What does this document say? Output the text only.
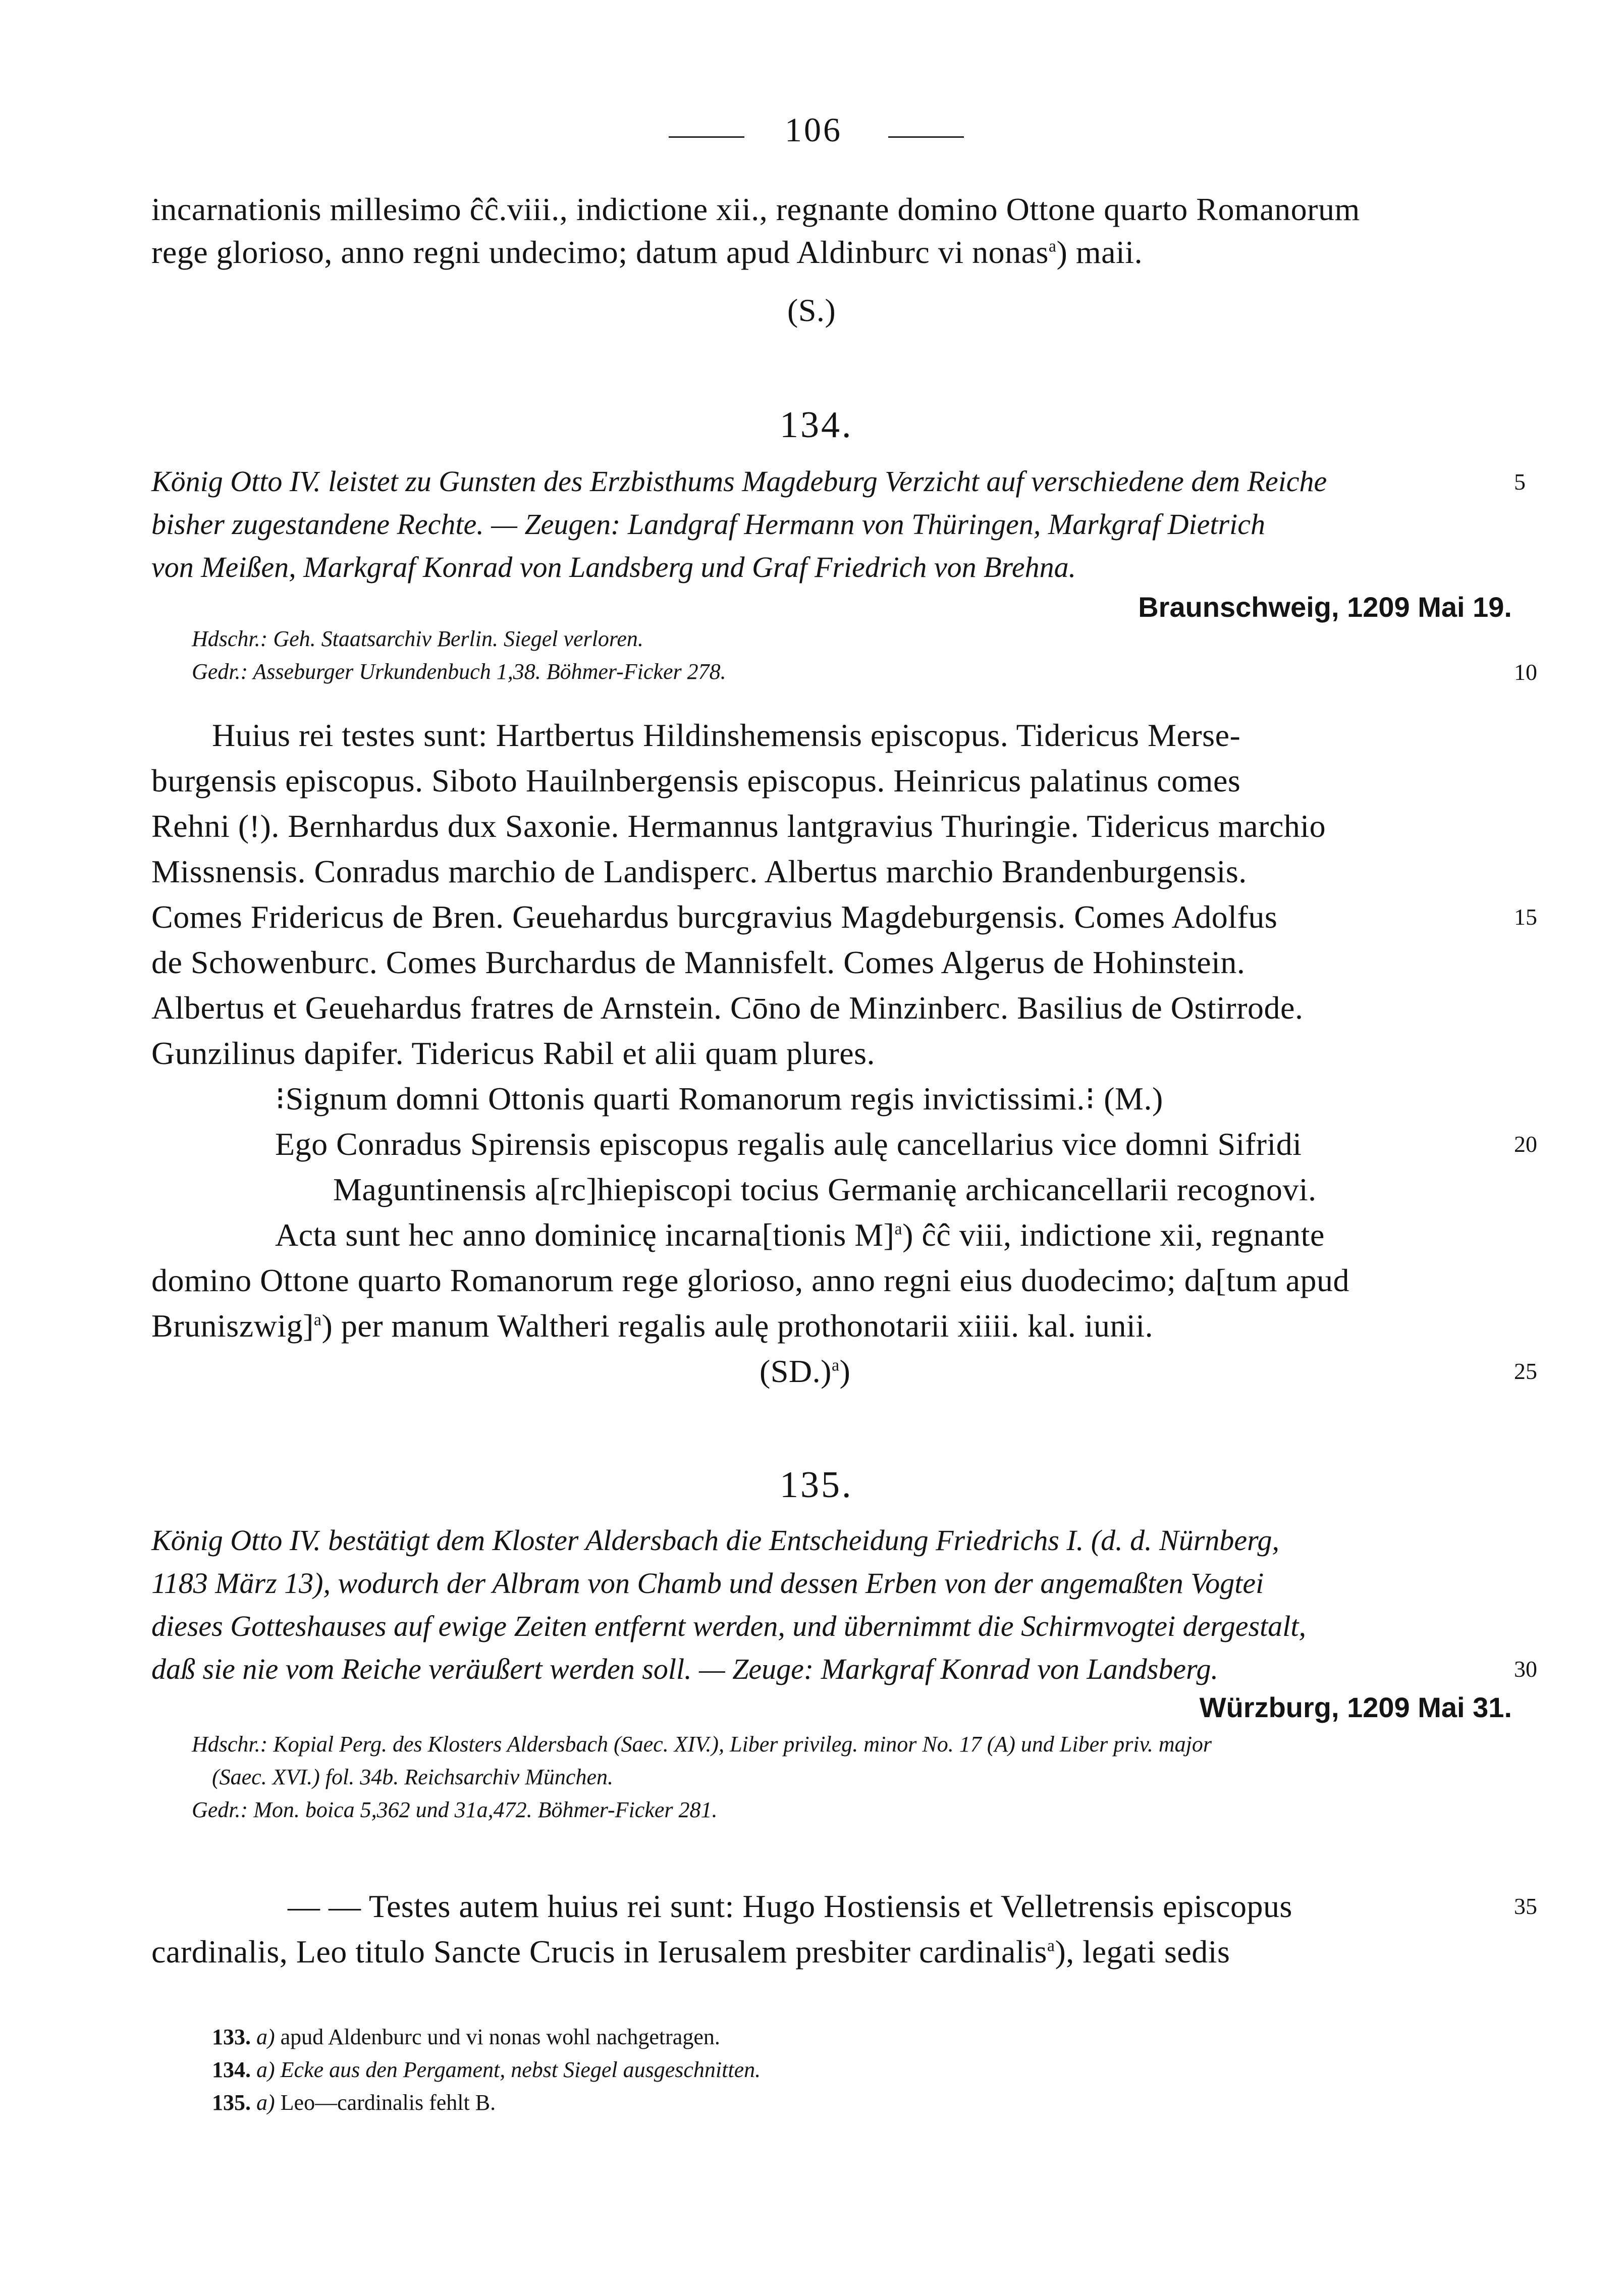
106
incarnationis millesimo ĉĉ.viii., indictione xii., regnante domino Ottone quarto Romanorum
rege glorioso, anno regni undecimo; datum apud Aldinburc vi nonas$^a$) maii.
(S.)
134.
König Otto IV. leistet zu Gunsten des Erzbisthums Magdeburg Verzicht auf verschiedene dem Reiche
bisher zugestandene Rechte. — Zeugen: Landgraf Hermann von Thüringen, Markgraf Dietrich
von Meißen, Markgraf Konrad von Landsberg und Graf Friedrich von Brehna.
Braunschweig, 1209 Mai 19.
Hdschr.: Geh. Staatsarchiv Berlin. Siegel verloren.
Gedr.: Asseburger Urkundenbuch 1,38. Böhmer-Ficker 278.
Huius rei testes sunt: Hartbertus Hildinshemensis episcopus. Tidericus Merse-
burgensis episcopus. Siboto Hauilnbergensis episcopus. Heinricus palatinus comes
Rehni (!). Bernhardus dux Saxonie. Hermannus lantgravius Thuringie. Tidericus marchio
Missnensis. Conradus marchio de Landisperc. Albertus marchio Brandenburgensis.
Comes Fridericus de Bren. Geuehardus burcgravius Magdeburgensis. Comes Adolfus
de Schowenburc. Comes Burchardus de Mannisfelt. Comes Algerus de Hohinstein.
Albertus et Geuehardus fratres de Arnstein. Cōno de Minzinberc. Basilius de Ostirrode.
Gunzilinus dapifer. Tidericus Rabil et alii quam plures.
⁝Signum domni Ottonis quarti Romanorum regis invictissimi.⁝ (M.)
Ego Conradus Spirensis episcopus regalis aulę cancellarius vice domni Sifridi
Maguntinensis a[rc]hiepiscopi tocius Germanię archicancellarii recognovi.
Acta sunt hec anno dominicę incarna[tionis M]$^a$) ĉĉ viii, indictione xii, regnante
domino Ottone quarto Romanorum rege glorioso, anno regni eius duodecimo; da[tum apud
Bruniszwig]$^a$) per manum Waltheri regalis aulę prothonotarii xiiii. kal. iunii.
$(SD.)^a$)
135.
König Otto IV. bestätigt dem Kloster Aldersbach die Entscheidung Friedrichs I. (d. d. Nürnberg,
1183 März 13), wodurch der Albram von Chamb und dessen Erben von der angemaßten Vogtei
dieses Gotteshauses auf ewige Zeiten entfernt werden, und übernimmt die Schirmvogtei dergestalt,
daß sie nie vom Reiche veräußert werden soll. — Zeuge: Markgraf Konrad von Landsberg.
Würzburg, 1209 Mai 31.
Hdschr.: Kopial Perg. des Klosters Aldersbach (Saec. XIV.), Liber privileg. minor No. 17 (A) und Liber priv. major
(Saec. XVI.) fol. 34b. Reichsarchiv München.
Gedr.: Mon. boica 5,362 und 31a,472. Böhmer-Ficker 281.
— — Testes autem huius rei sunt: Hugo Hostiensis et Velletrensis episcopus
cardinalis, Leo titulo Sancte Crucis in Ierusalem presbiter cardinalis$^a$), legati sedis
5
10
15
20
25
30
35
133. a) apud Aldenburc und vi nonas wohl nachgetragen.
134. a) Ecke aus den Pergament, nebst Siegel ausgeschnitten.
135. a) Leo—cardinalis fehlt B.
